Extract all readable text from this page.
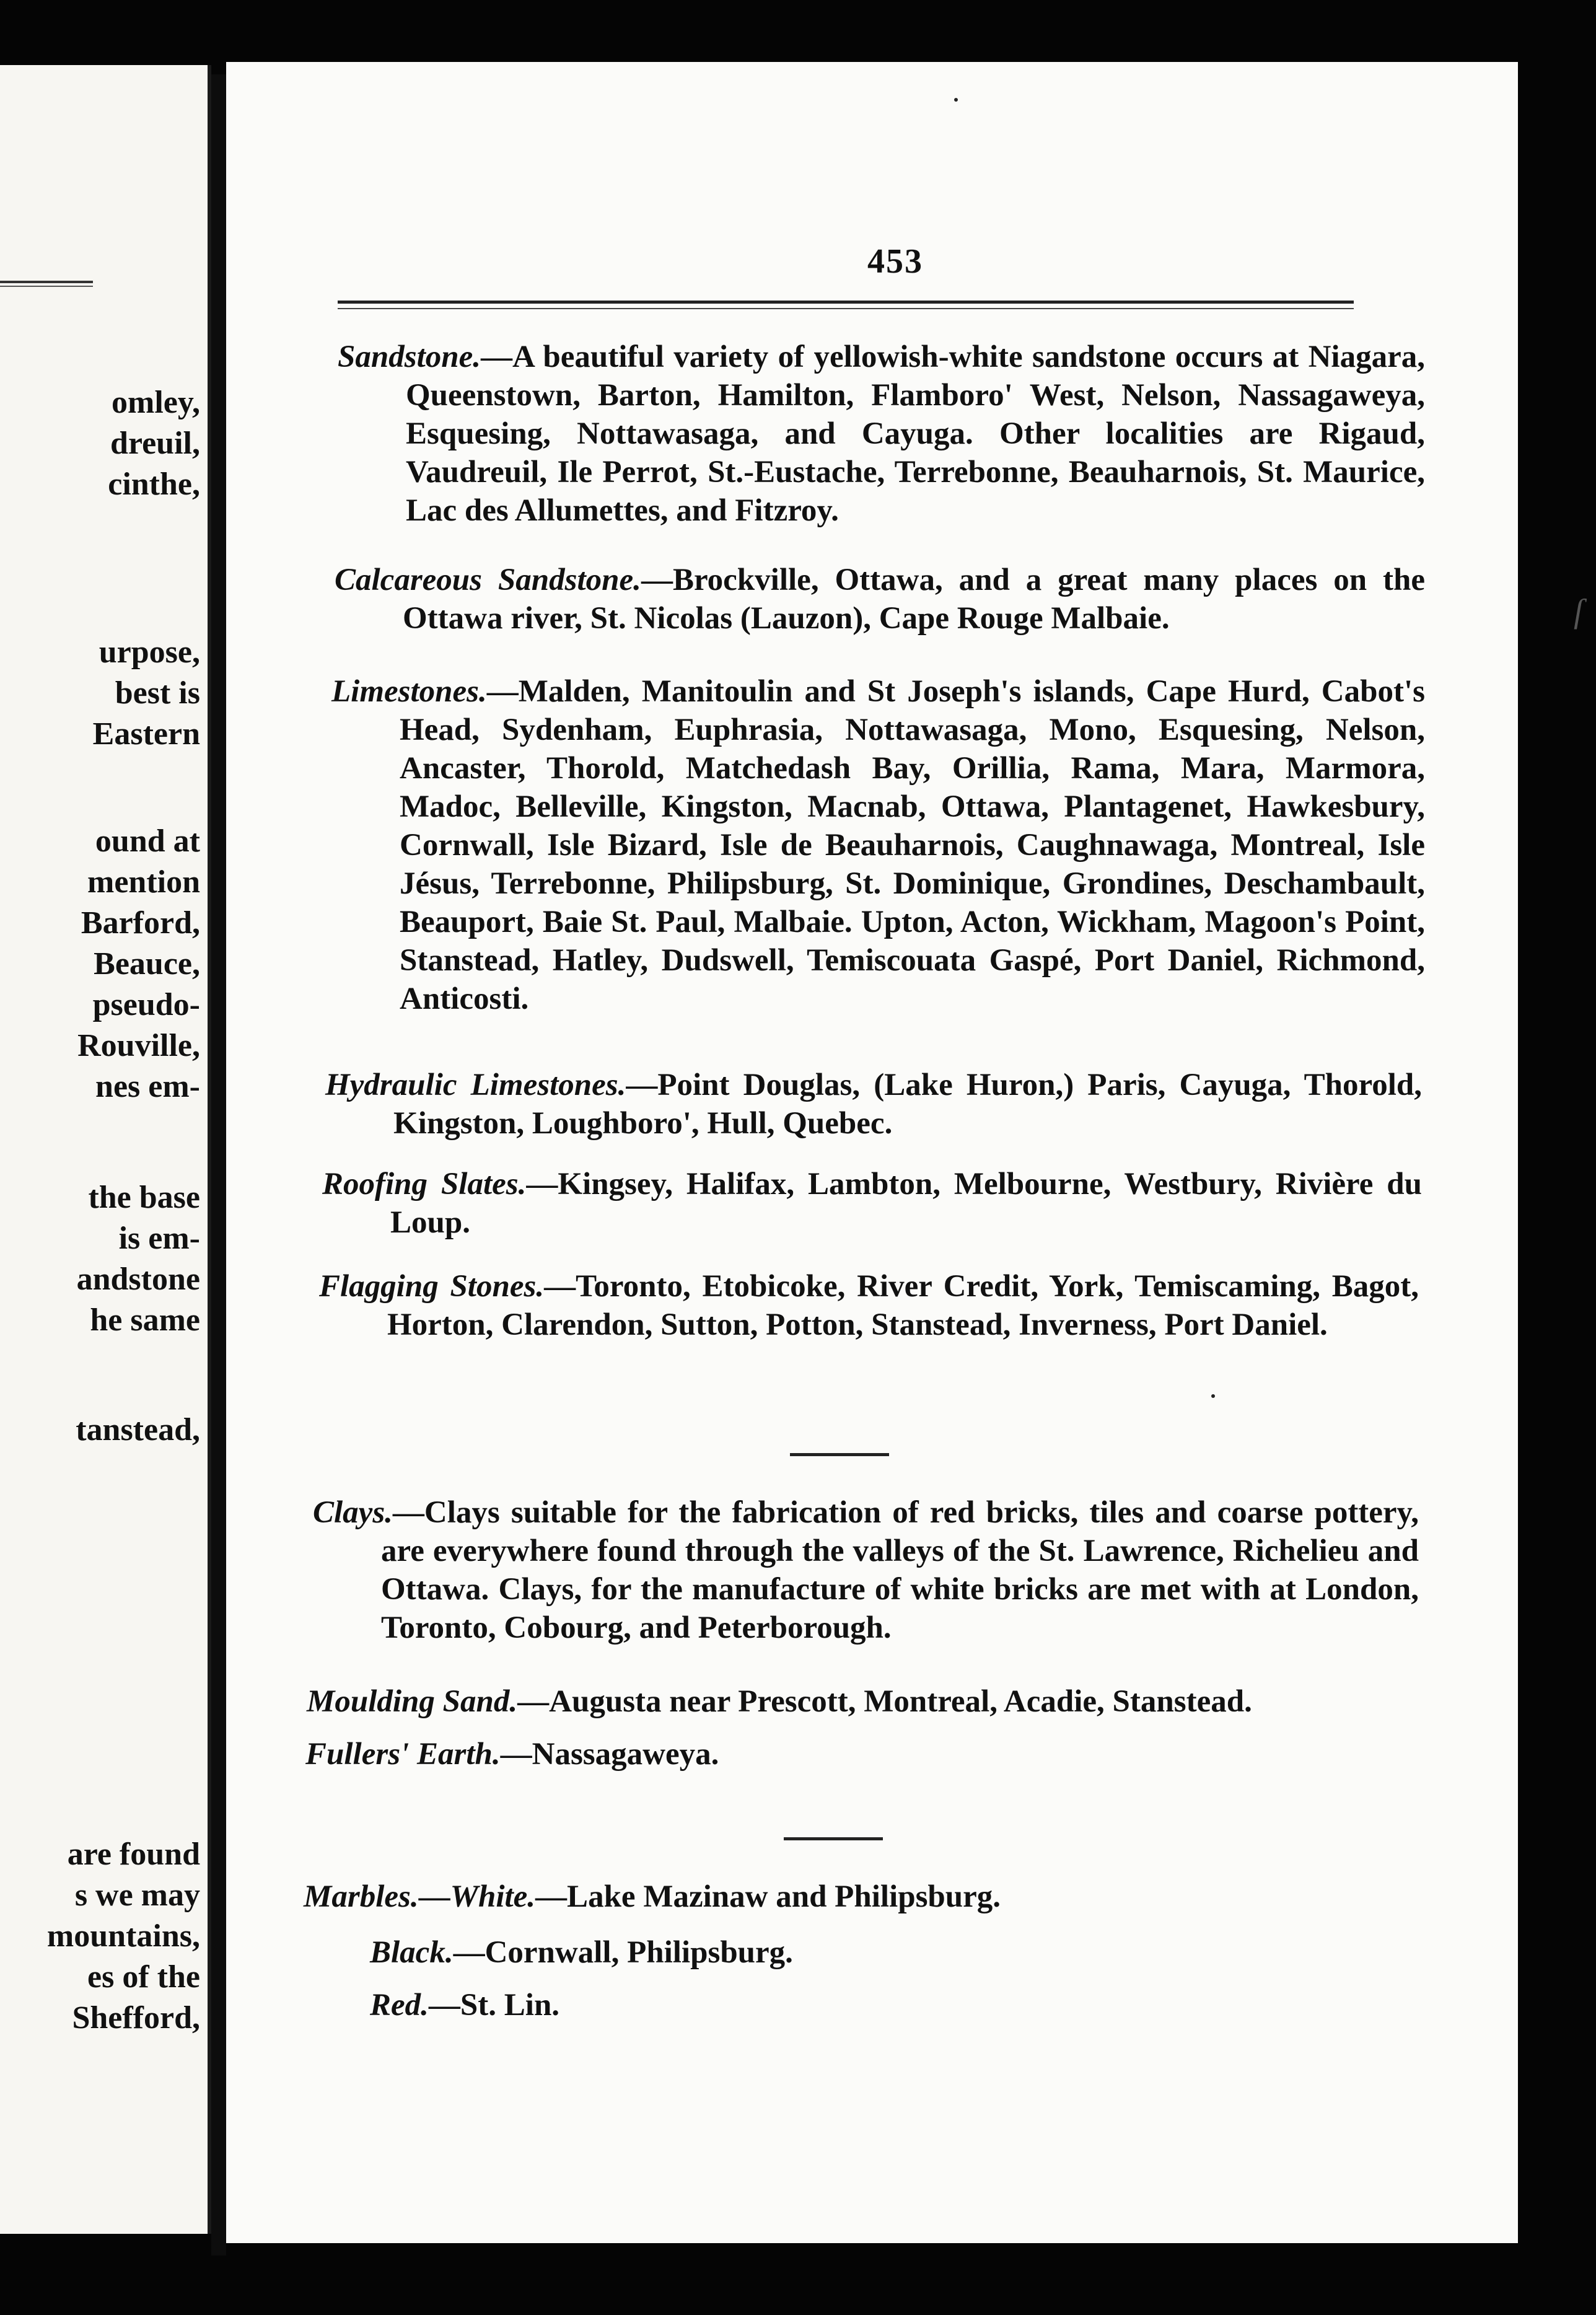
omley,
dreuil,
cinthe,
urpose,
best is
Eastern
ound at
mention
Barford,
Beauce,
pseudo-
Rouville,
nes em-
the base
is em-
andstone
he same
tanstead,
are found
s we may
mountains,
es of the
Shefford,
453
Sandstone.—A beautiful variety of yellowish-white sandstone occurs at Niagara, Queenstown, Barton, Hamilton, Flamboro' West, Nelson, Nassagaweya, Esquesing, Nottawasaga, and Cayuga. Other localities are Rigaud, Vaudreuil, Ile Perrot, St.-Eustache, Terrebonne, Beauharnois, St. Maurice, Lac des Allumettes, and Fitzroy.
Calcareous Sandstone.—Brockville, Ottawa, and a great many places on the Ottawa river, St. Nicolas (Lauzon), Cape Rouge Malbaie.
Limestones.—Malden, Manitoulin and St Joseph's islands, Cape Hurd, Cabot's Head, Sydenham, Euphrasia, Nottawasaga, Mono, Esquesing, Nelson, Ancaster, Thorold, Matchedash Bay, Orillia, Rama, Mara, Marmora, Madoc, Belleville, Kingston, Macnab, Ottawa, Plantagenet, Hawkesbury, Cornwall, Isle Bizard, Isle de Beauharnois, Caughnawaga, Montreal, Isle Jésus, Terrebonne, Philipsburg, St. Dominique, Grondines, Deschambault, Beauport, Baie St. Paul, Malbaie. Upton, Acton, Wickham, Magoon's Point, Stanstead, Hatley, Dudswell, Temiscouata Gaspé, Port Daniel, Richmond, Anticosti.
Hydraulic Limestones.—Point Douglas, (Lake Huron,) Paris, Cayuga, Thorold, Kingston, Loughboro', Hull, Quebec.
Roofing Slates.—Kingsey, Halifax, Lambton, Melbourne, Westbury, Rivière du Loup.
Flagging Stones.—Toronto, Etobicoke, River Credit, York, Temiscaming, Bagot, Horton, Clarendon, Sutton, Potton, Stanstead, Inverness, Port Daniel.
Clays.—Clays suitable for the fabrication of red bricks, tiles and coarse pottery, are everywhere found through the valleys of the St. Lawrence, Richelieu and Ottawa. Clays, for the manufacture of white bricks are met with at London, Toronto, Cobourg, and Peterborough.
Moulding Sand.—Augusta near Prescott, Montreal, Acadie, Stanstead.
Fullers' Earth.—Nassagaweya.
Marbles.—White.—Lake Mazinaw and Philipsburg.
Black.—Cornwall, Philipsburg.
Red.—St. Lin.
ſ
